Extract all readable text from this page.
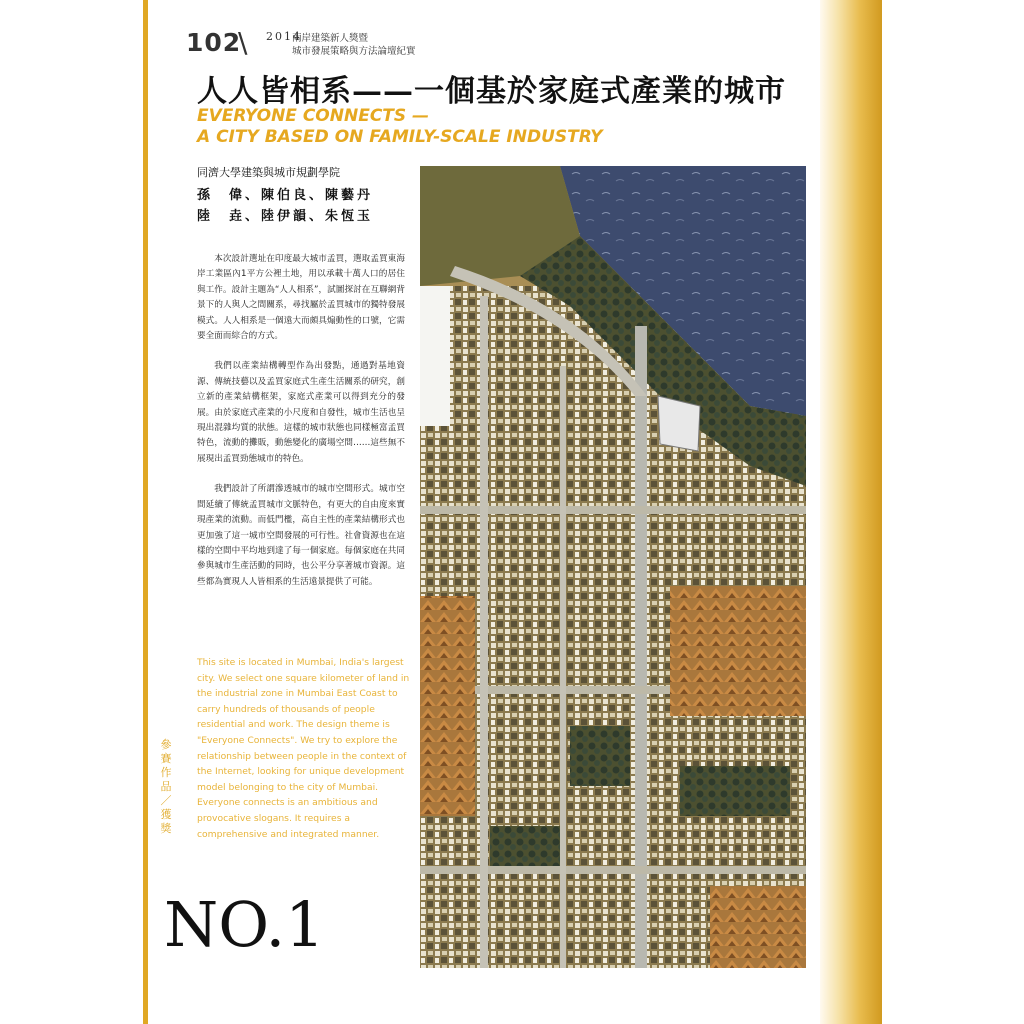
102
\ 2014
兩岸建築新人獎暨
城市發展策略與方法論壇紀實
人人皆相系——一個基於家庭式產業的城市
EVERYONE CONNECTS —
A CITY BASED ON FAMILY-SCALE INDUSTRY
同濟大學建築與城市規劃學院
孫　偉、陳伯良、陳藝丹
陸　垚、陸伊韻、朱恆玉

本次設計選址在印度最大城市孟買，選取孟買東海岸工業區內1平方公裡土地，用以承載十萬人口的居住與工作。設計主題為“人人相系”，試圖探討在互聯網背景下的人與人之間關系，尋找屬於孟買城市的獨特發展模式。人人相系是一個遠大而頗具煽動性的口號，它需要全面而綜合的方式。

我們以產業結構轉型作為出發點，通過對基地資源、傳統技藝以及孟買家庭式生產生活關系的研究，創立新的產業結構框架，家庭式產業可以得到充分的發展。由於家庭式產業的小尺度和自發性，城市生活也呈現出混雜均質的狀態。這樣的城市狀態也同樣極富孟買特色，流動的攤販，動態變化的廣場空間……這些無不展現出孟買勁態城市的特色。

我們設計了所謂滲透城市的城市空間形式。城市空間延續了傳統孟買城市文脈特色，有更大的自由度來實現產業的流動。而低門檻，高自主性的產業結構形式也更加強了這一城市空間發展的可行性。社會資源也在這樣的空間中平均地到達了每一個家庭。每個家庭在共同參與城市生產活動的同時，也公平分享著城市資源。這些都為實現人人皆相系的生活遠景提供了可能。

This site is located in Mumbai, India's largest city. We select one square kilometer of land in the industrial zone in Mumbai East Coast to carry hundreds of thousands of people residential and work. The design theme is "Everyone Connects". We try to explore the relationship between people in the context of the Internet, looking for unique development model belonging to the city of Mumbai. Everyone connects is an ambitious and provocative slogans. It requires a comprehensive and integrated manner.
參賽作品／獲獎
NO.1
